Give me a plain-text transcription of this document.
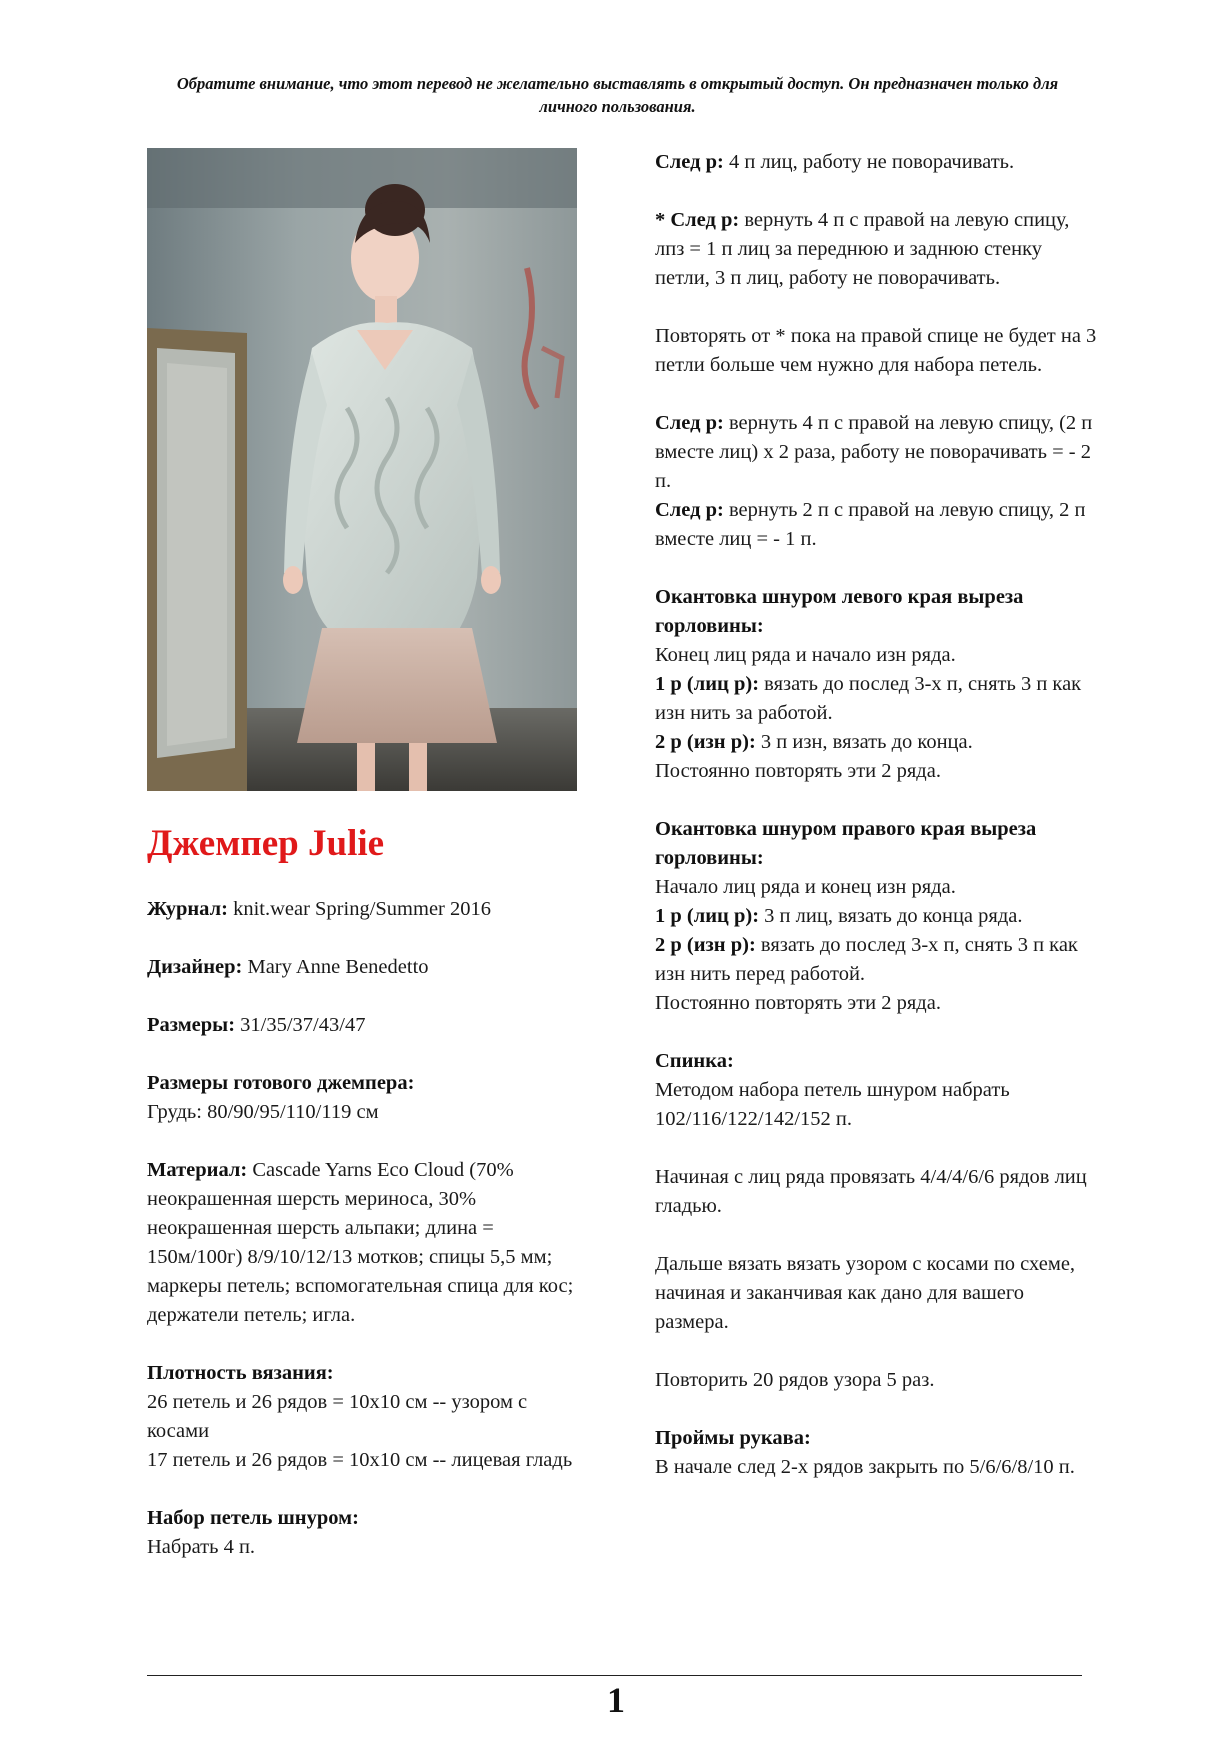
Обратите внимание, что этот перевод не желательно выставлять в открытый доступ. Он предназначен только для личного пользования.
Джемпер Julie

Журнал: knit.wear Spring/Summer 2016

Дизайнер: Mary Anne Benedetto

Размеры: 31/35/37/43/47

Размеры готового джемпера:
Грудь: 80/90/95/110/119 см

Материал: Cascade Yarns Eco Cloud (70% неокрашенная шерсть мериноса, 30% неокрашенная шерсть альпаки; длина = 150м/100г) 8/9/10/12/13 мотков; спицы 5,5 мм; маркеры петель; вспомогательная спица для кос; держатели петель; игла.

Плотность вязания:
26 петель и 26 рядов = 10х10 см -- узором с косами
17 петель и 26 рядов = 10х10 см -- лицевая гладь

Набор петель шнуром:
Набрать 4 п.

След р: 4 п лиц, работу не поворачивать.

* След р: вернуть 4 п с правой на левую спицу, лпз = 1 п лиц за переднюю и заднюю стенку петли, 3 п лиц, работу не поворачивать.

Повторять от * пока на правой спице не будет на 3 петли больше чем нужно для набора петель.

След р: вернуть 4 п с правой на левую спицу, (2 п вместе лиц) х 2 раза, работу не поворачивать = - 2 п.

След р: вернуть 2 п с правой на левую спицу, 2 п вместе лиц = - 1 п.

Окантовка шнуром левого края выреза горловины:
Конец лиц ряда и начало изн ряда.
1 р (лиц р): вязать до послед 3-х п, снять 3 п как изн нить за работой.
2 р (изн р): 3 п изн, вязать до конца.
Постоянно повторять эти 2 ряда.

Окантовка шнуром правого края выреза горловины:
Начало лиц ряда и конец изн ряда.
1 р (лиц р): 3 п лиц, вязать до конца ряда.
2 р (изн р): вязать до послед 3-х п, снять 3 п как изн нить перед работой.
Постоянно повторять эти 2 ряда.

Спинка:
Методом набора петель шнуром набрать 102/116/122/142/152 п.

Начиная с лиц ряда провязать 4/4/4/6/6 рядов лиц гладью.

Дальше вязать вязать узором с косами по схеме, начиная и заканчивая как дано для вашего размера.

Повторить 20 рядов узора 5 раз.

Проймы рукава:
В начале след 2-х рядов закрыть по 5/6/6/8/10 п.

1
